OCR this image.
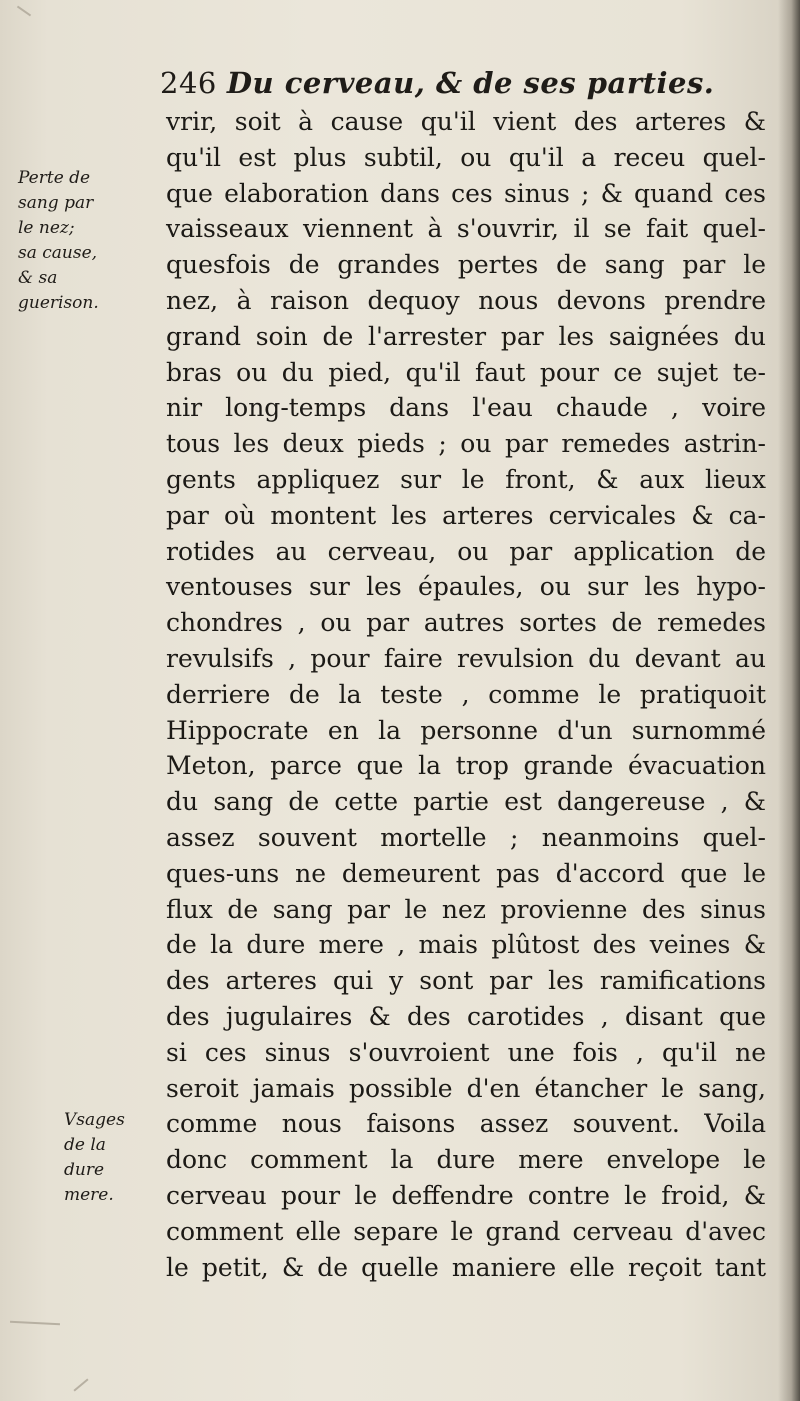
246 Du cerveau, & de ses parties.
Perte de
sang par
le nez;
sa cause,
& sa
guerison.
Vsages
de la
dure
mere.
vrir, soit à cause qu'il vient des arteres &
qu'il est plus subtil, ou qu'il a receu quel-
que elaboration dans ces sinus ; & quand ces
vaisseaux viennent à s'ouvrir, il se fait quel-
quesfois de grandes pertes de sang par le
nez, à raison dequoy nous devons prendre
grand soin de l'arrester par les saignées du
bras ou du pied, qu'il faut pour ce sujet te-
nir long-temps dans l'eau chaude , voire
tous les deux pieds ; ou par remedes astrin-
gents appliquez sur le front, & aux lieux
par où montent les arteres cervicales & ca-
rotides au cerveau, ou par application de
ventouses sur les épaules, ou sur les hypo-
chondres , ou par autres sortes de remedes
revulsifs , pour faire revulsion du devant au
derriere de la teste , comme le pratiquoit
Hippocrate en la personne d'un surnommé
Meton, parce que la trop grande évacuation
du sang de cette partie est dangereuse , &
assez souvent mortelle ; neanmoins quel-
ques-uns ne demeurent pas d'accord que le
flux de sang par le nez provienne des sinus
de la dure mere , mais plûtost des veines &
des arteres qui y sont par les ramifications
des jugulaires & des carotides , disant que
si ces sinus s'ouvroient une fois , qu'il ne
seroit jamais possible d'en étancher le sang,
comme nous faisons assez souvent. Voila
donc comment la dure mere envelope le
cerveau pour le deffendre contre le froid, &
comment elle separe le grand cerveau d'avec
le petit, & de quelle maniere elle reçoit tant
